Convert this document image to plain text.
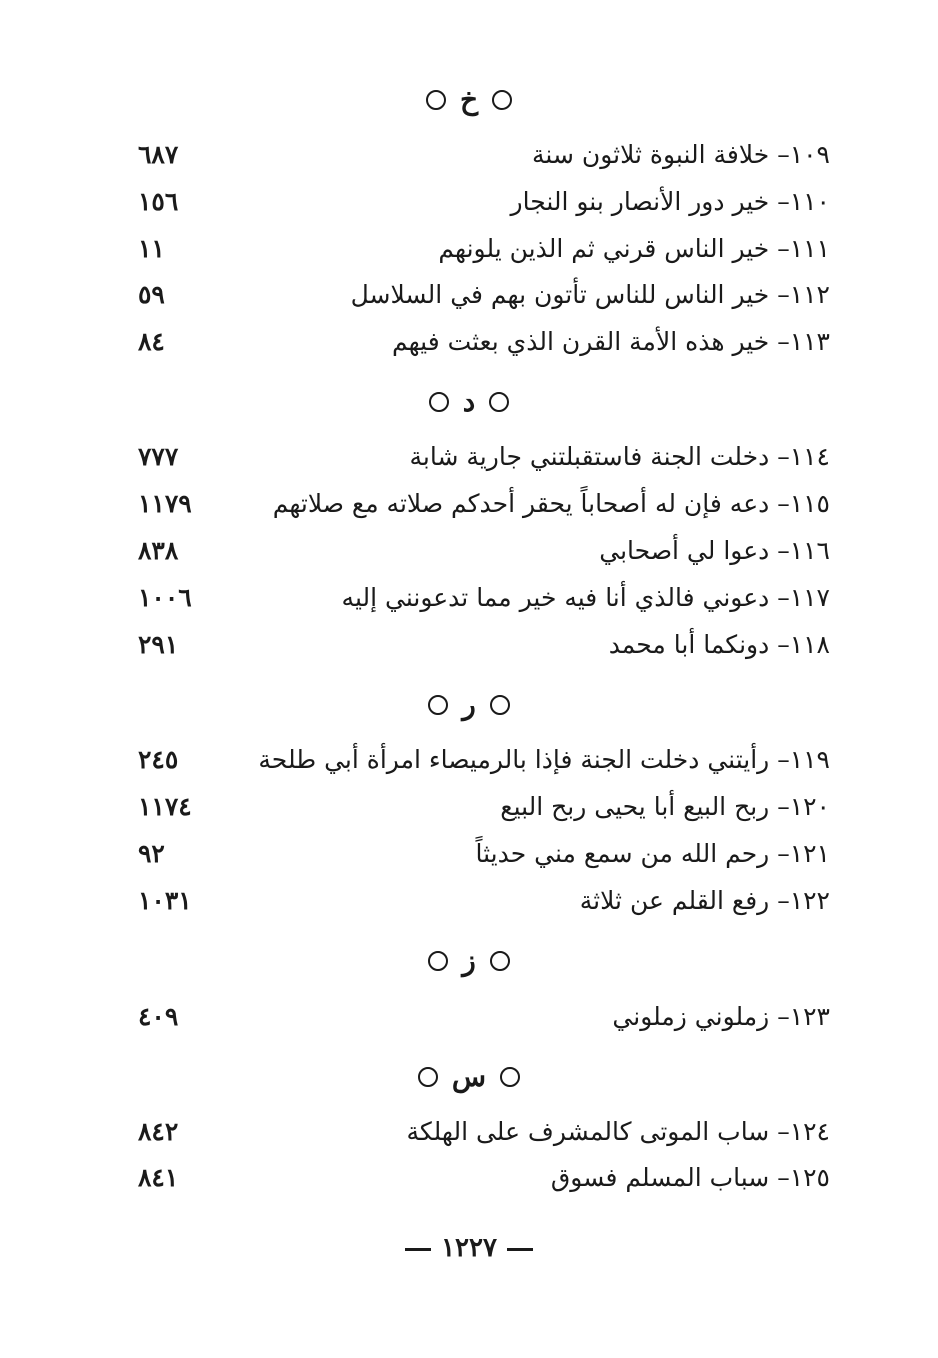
خ
١٠٩– خلافة النبوة ثلاثون سنة
٦٨٧
١١٠– خير دور الأنصار بنو النجار
١٥٦
١١١– خير الناس قرني ثم الذين يلونهم
١١
١١٢– خير الناس للناس تأتون بهم في السلاسل
٥٩
١١٣– خير هذه الأمة القرن الذي بعثت فيهم
٨٤
د
١١٤– دخلت الجنة فاستقبلتني جارية شابة
٧٧٧
١١٥– دعه فإن له أصحاباً يحقر أحدكم صلاته مع صلاتهم
١١٧٩
١١٦– دعوا لي أصحابي
٨٣٨
١١٧– دعوني فالذي أنا فيه خير مما تدعونني إليه
١٠٠٦
١١٨– دونكما أبا محمد
٢٩١
ر
١١٩– رأيتني دخلت الجنة فإذا بالرميصاء امرأة أبي طلحة
٢٤٥
١٢٠– ربح البيع أبا يحيى ربح البيع
١١٧٤
١٢١– رحم الله من سمع مني حديثاً
٩٢
١٢٢– رفع القلم عن ثلاثة
١٠٣١
ز
١٢٣– زملوني زملوني
٤٠٩
س
١٢٤– ساب الموتى كالمشرف على الهلكة
٨٤٢
١٢٥– سباب المسلم فسوق
٨٤١
١٢٢٧
